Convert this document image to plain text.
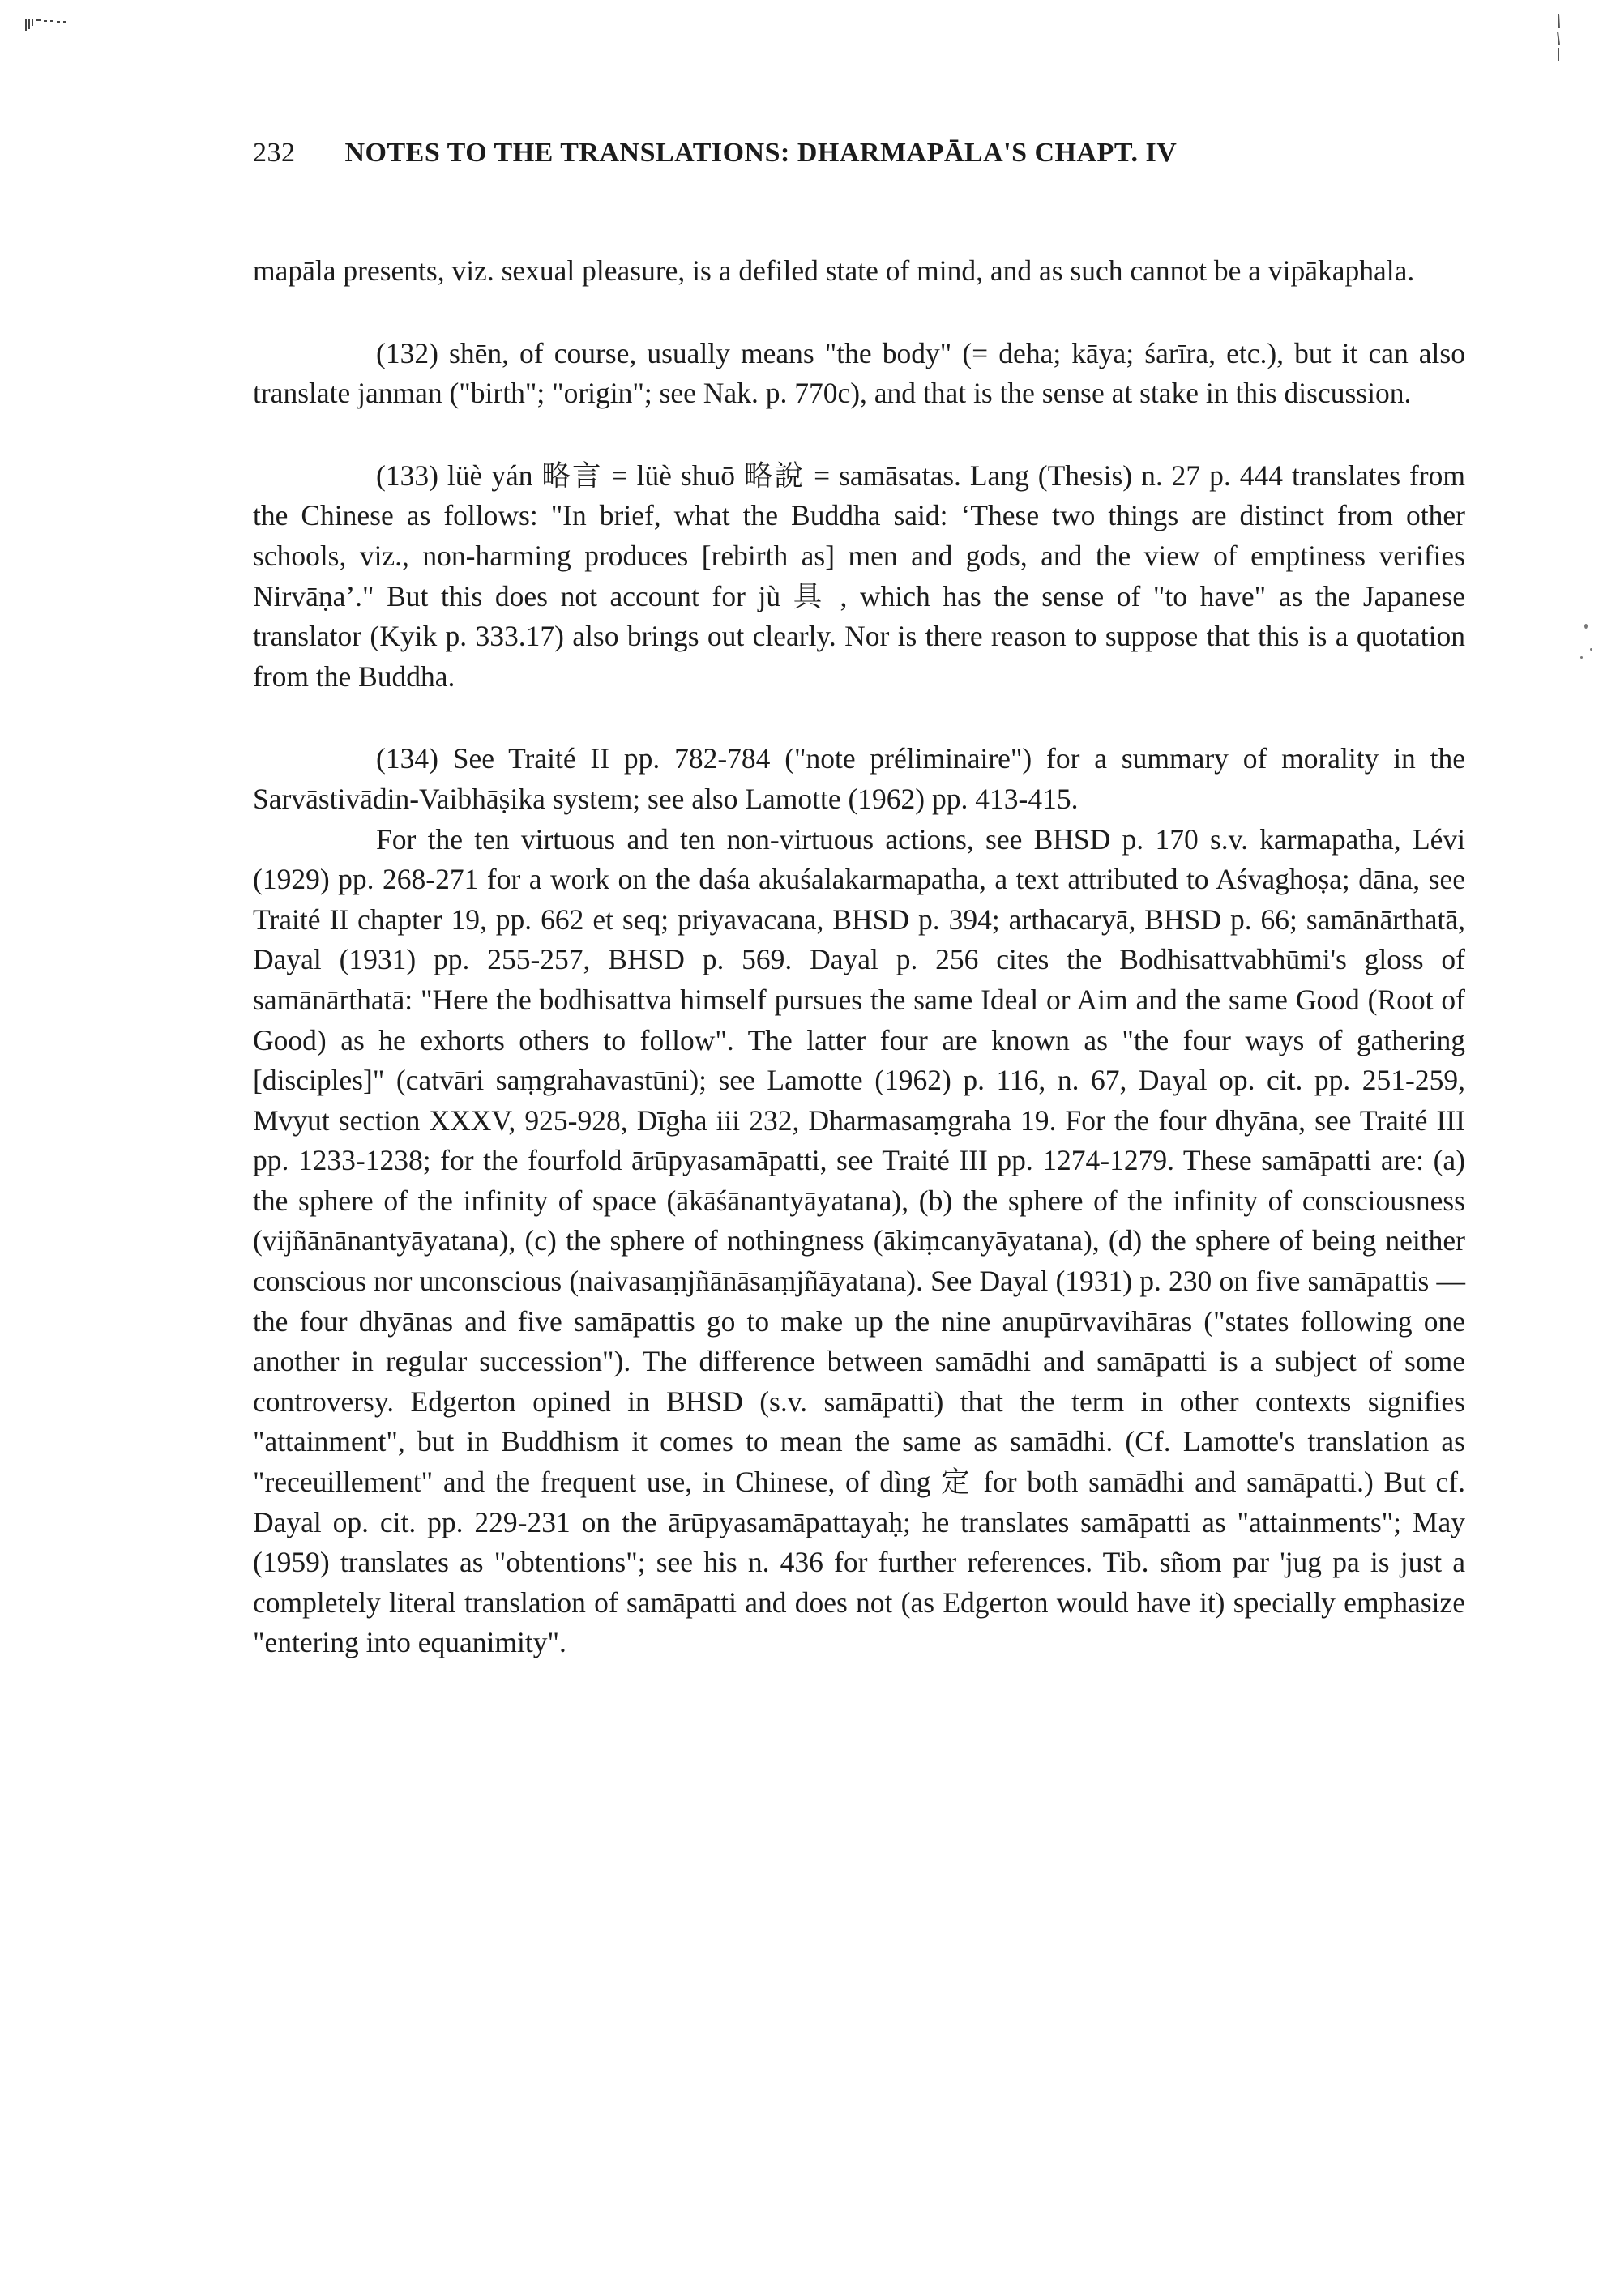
232 NOTES TO THE TRANSLATIONS: DHARMAPĀLA'S CHAPT. IV

mapāla presents, viz. sexual pleasure, is a defiled state of mind, and as such cannot be a vipākaphala.

(132) shēn, of course, usually means "the body" (= deha; kāya; śarīra, etc.), but it can also translate janman ("birth"; "origin"; see Nak. p. 770c), and that is the sense at stake in this discussion.

(133) lüè yán 略言 = lüè shuō 略說 = samāsatas. Lang (Thesis) n. 27 p. 444 translates from the Chinese as follows: "In brief, what the Buddha said: ‘These two things are distinct from other schools, viz., non-harming produces [rebirth as] men and gods, and the view of emptiness verifies Nirvāṇa’." But this does not account for jù 具 , which has the sense of "to have" as the Japanese translator (Kyik p. 333.17) also brings out clearly. Nor is there reason to suppose that this is a quotation from the Buddha.

(134) See Traité II pp. 782-784 ("note préliminaire") for a summary of morality in the Sarvāstivādin-Vaibhāṣika system; see also Lamotte (1962) pp. 413-415.

For the ten virtuous and ten non-virtuous actions, see BHSD p. 170 s.v. karmapatha, Lévi (1929) pp. 268-271 for a work on the daśa akuśalakarmapatha, a text attributed to Aśvaghoṣa; dāna, see Traité II chapter 19, pp. 662 et seq; priyavacana, BHSD p. 394; arthacaryā, BHSD p. 66; samānārthatā, Dayal (1931) pp. 255-257, BHSD p. 569. Dayal p. 256 cites the Bodhisattvabhūmi's gloss of samānārthatā: "Here the bodhisattva himself pursues the same Ideal or Aim and the same Good (Root of Good) as he exhorts others to follow". The latter four are known as "the four ways of gathering [disciples]" (catvāri saṃgrahavastūni); see Lamotte (1962) p. 116, n. 67, Dayal op. cit. pp. 251-259, Mvyut section XXXV, 925-928, Dīgha iii 232, Dharmasaṃgraha 19. For the four dhyāna, see Traité III pp. 1233-1238; for the fourfold ārūpyasamāpatti, see Traité III pp. 1274-1279. These samāpatti are: (a) the sphere of the infinity of space (ākāśānantyāyatana), (b) the sphere of the infinity of consciousness (vijñānānantyāyatana), (c) the sphere of nothingness (ākiṃcanyāyatana), (d) the sphere of being neither conscious nor unconscious (naivasaṃjñānāsaṃjñāyatana). See Dayal (1931) p. 230 on five samāpattis — the four dhyānas and five samāpattis go to make up the nine anupūrvavihāras ("states following one another in regular succession"). The difference between samādhi and samāpatti is a subject of some controversy. Edgerton opined in BHSD (s.v. samāpatti) that the term in other contexts signifies "attainment", but in Buddhism it comes to mean the same as samādhi. (Cf. Lamotte's translation as "receuillement" and the frequent use, in Chinese, of dìng 定 for both samādhi and samāpatti.) But cf. Dayal op. cit. pp. 229-231 on the ārūpyasamāpattayaḥ; he translates samāpatti as "attainments"; May (1959) translates as "obtentions"; see his n. 436 for further references. Tib. sñom par 'jug pa is just a completely literal translation of samāpatti and does not (as Edgerton would have it) specially emphasize "entering into equanimity".
